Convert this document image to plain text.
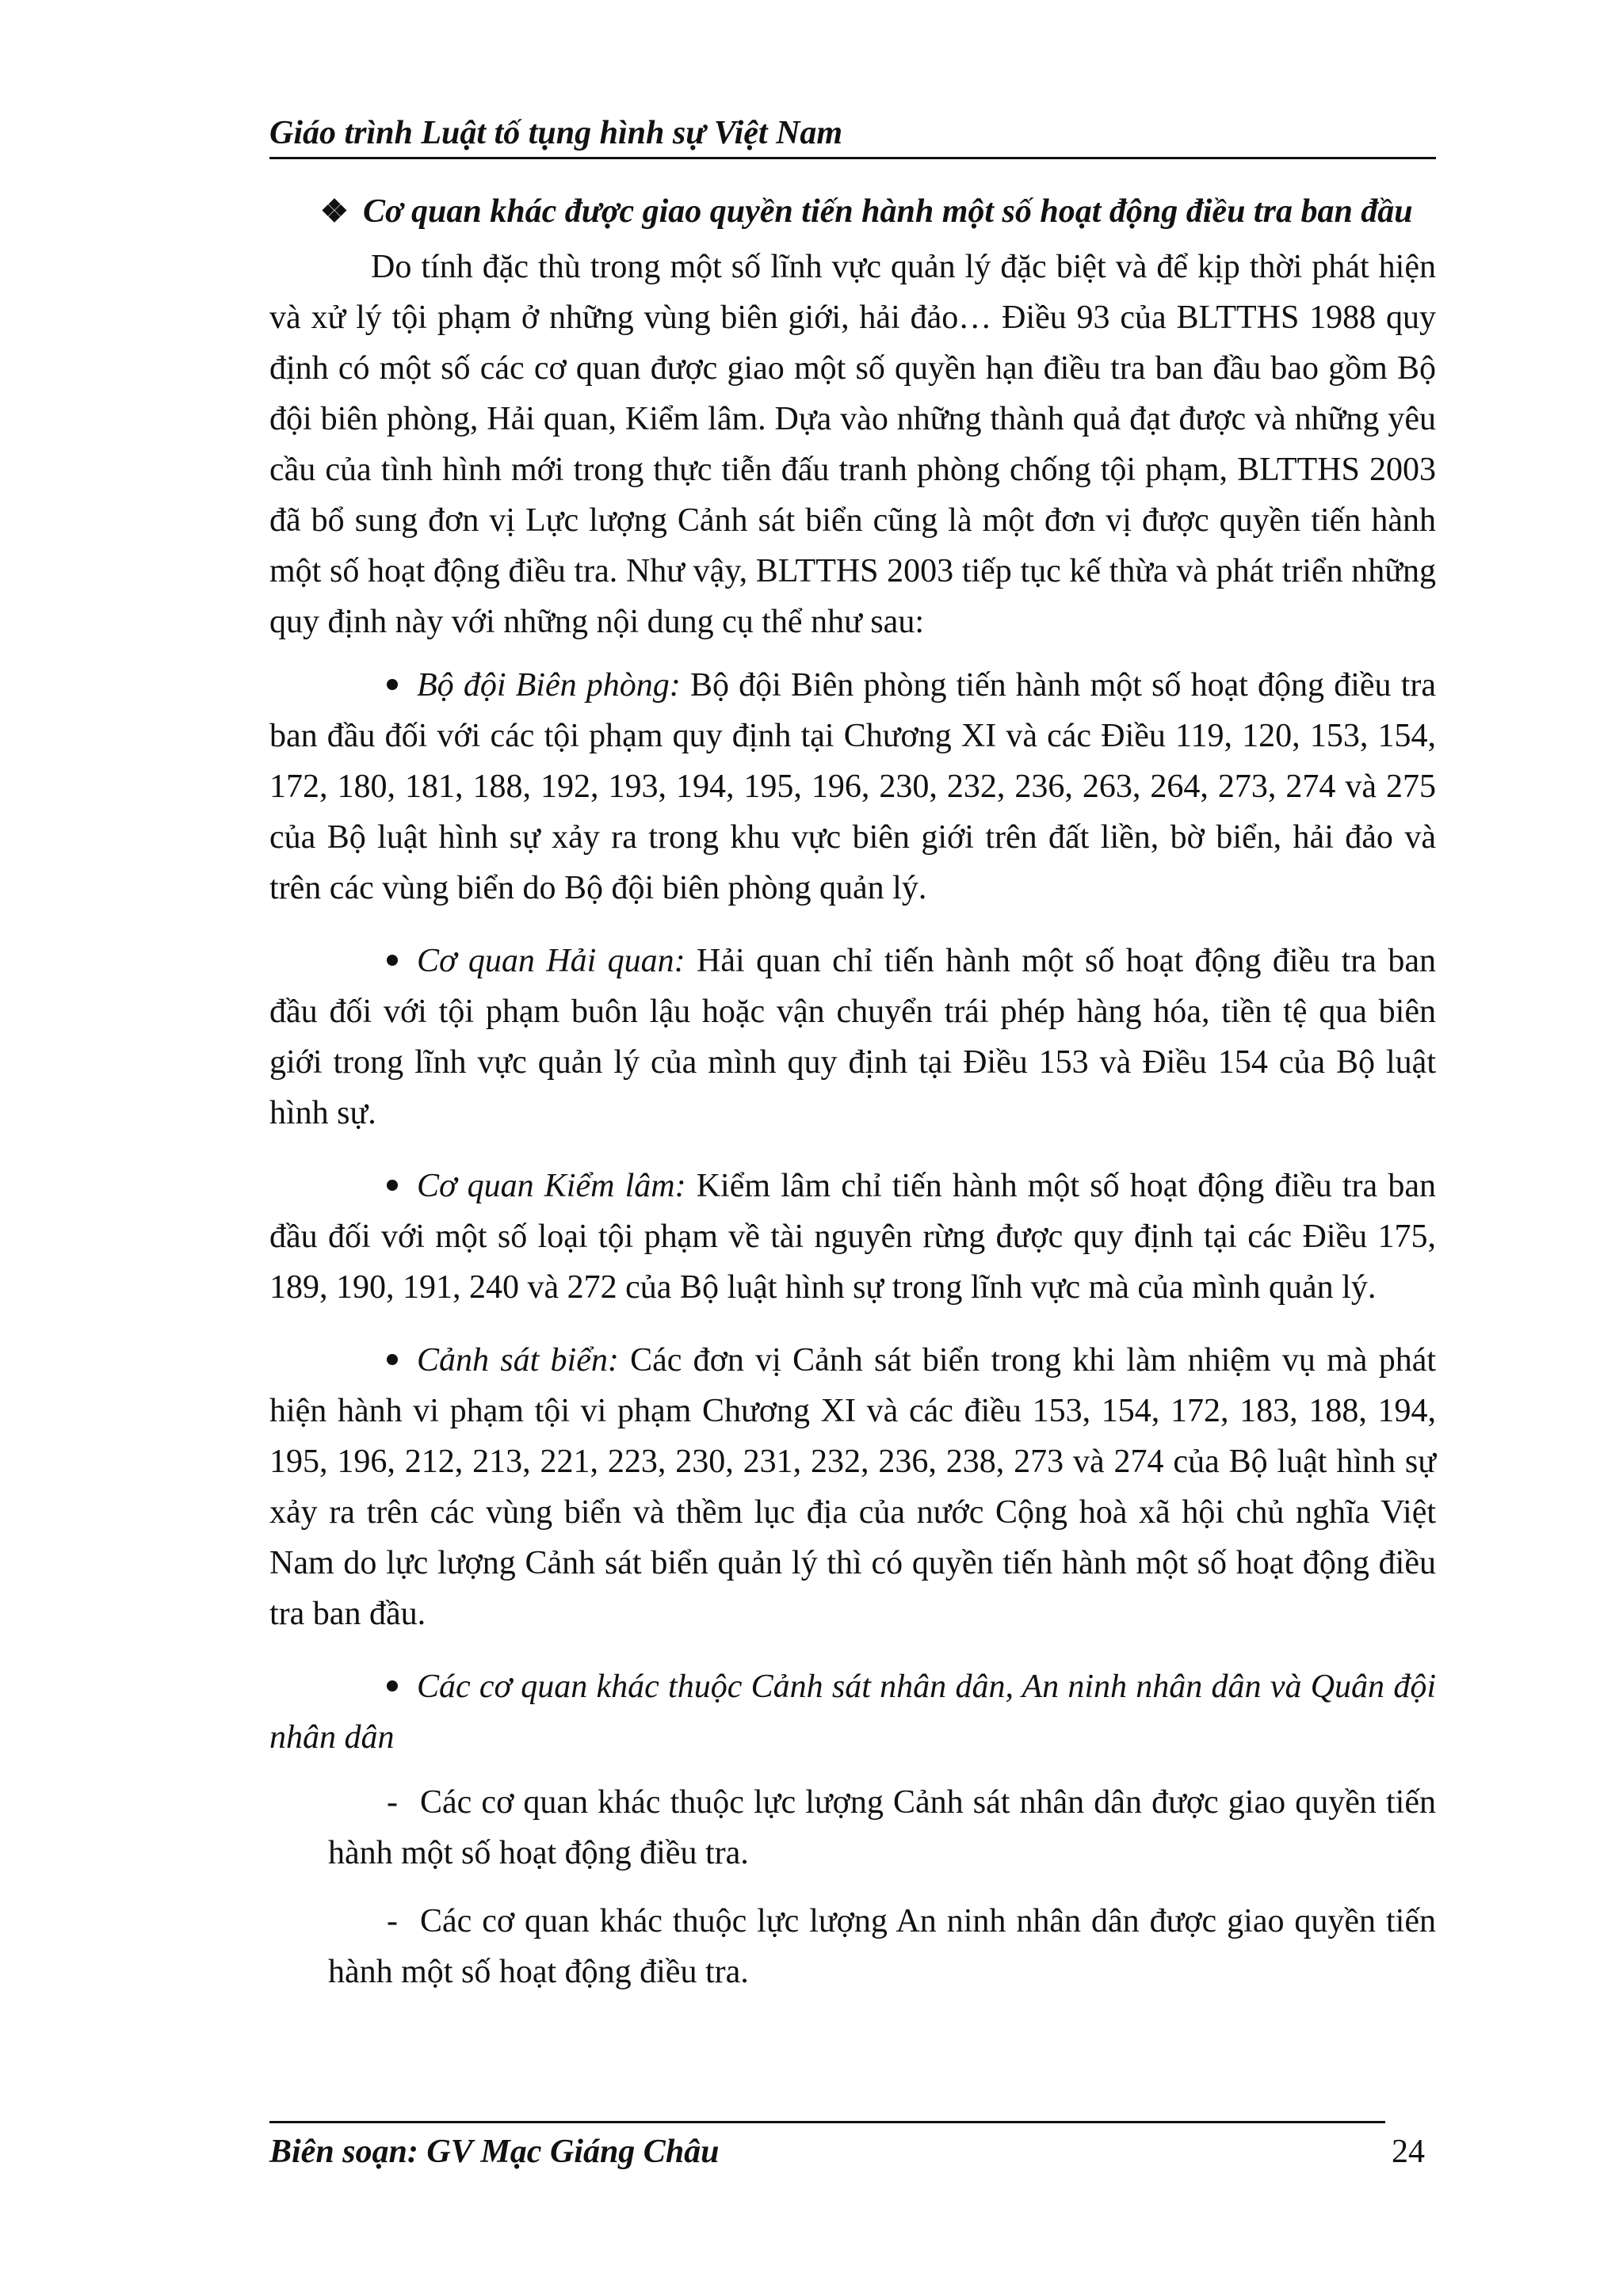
Giáo trình Luật tố tụng hình sự Việt Nam
❖ Cơ quan khác được giao quyền tiến hành một số hoạt động điều tra ban đầu

Do tính đặc thù trong một số lĩnh vực quản lý đặc biệt và để kịp thời phát hiện và xử lý tội phạm ở những vùng biên giới, hải đảo… Điều 93 của BLTTHS 1988 quy định có một số các cơ quan được giao một số quyền hạn điều tra ban đầu bao gồm Bộ đội biên phòng, Hải quan, Kiểm lâm. Dựa vào những thành quả đạt được và những yêu cầu của tình hình mới trong thực tiễn đấu tranh phòng chống tội phạm, BLTTHS 2003 đã bổ sung đơn vị Lực lượng Cảnh sát biển cũng là một đơn vị được quyền tiến hành một số hoạt động điều tra. Như vậy, BLTTHS 2003 tiếp tục kế thừa và phát triển những quy định này với những nội dung cụ thể như sau:

Bộ đội Biên phòng: Bộ đội Biên phòng tiến hành một số hoạt động điều tra ban đầu đối với các tội phạm quy định tại Chương XI và các Điều 119, 120, 153, 154, 172, 180, 181, 188, 192, 193, 194, 195, 196, 230, 232, 236, 263, 264, 273, 274 và 275 của Bộ luật hình sự xảy ra trong khu vực biên giới trên đất liền, bờ biển, hải đảo và trên các vùng biển do Bộ đội biên phòng quản lý.

Cơ quan Hải quan: Hải quan chỉ tiến hành một số hoạt động điều tra ban đầu đối với tội phạm buôn lậu hoặc vận chuyển trái phép hàng hóa, tiền tệ qua biên giới trong lĩnh vực quản lý của mình quy định tại Điều 153 và Điều 154 của Bộ luật hình sự.

Cơ quan Kiểm lâm: Kiểm lâm chỉ tiến hành một số hoạt động điều tra ban đầu đối với một số loại tội phạm về tài nguyên rừng được quy định tại các Điều 175, 189, 190, 191, 240 và 272 của Bộ luật hình sự trong lĩnh vực mà của mình quản lý.

Cảnh sát biển: Các đơn vị Cảnh sát biển trong khi làm nhiệm vụ mà phát hiện hành vi phạm tội vi phạm Chương XI và các điều 153, 154, 172, 183, 188, 194, 195, 196, 212, 213, 221, 223, 230, 231, 232, 236, 238, 273 và 274 của Bộ luật hình sự xảy ra trên các vùng biển và thềm lục địa của nước Cộng hoà xã hội chủ nghĩa Việt Nam do lực lượng Cảnh sát biển quản lý thì có quyền tiến hành một số hoạt động điều tra ban đầu.

Các cơ quan khác thuộc Cảnh sát nhân dân, An ninh nhân dân và Quân đội nhân dân

- Các cơ quan khác thuộc lực lượng Cảnh sát nhân dân được giao quyền tiến hành một số hoạt động điều tra.

- Các cơ quan khác thuộc lực lượng An ninh nhân dân được giao quyền tiến hành một số hoạt động điều tra.

Biên soạn: GV Mạc Giáng Châu	24
